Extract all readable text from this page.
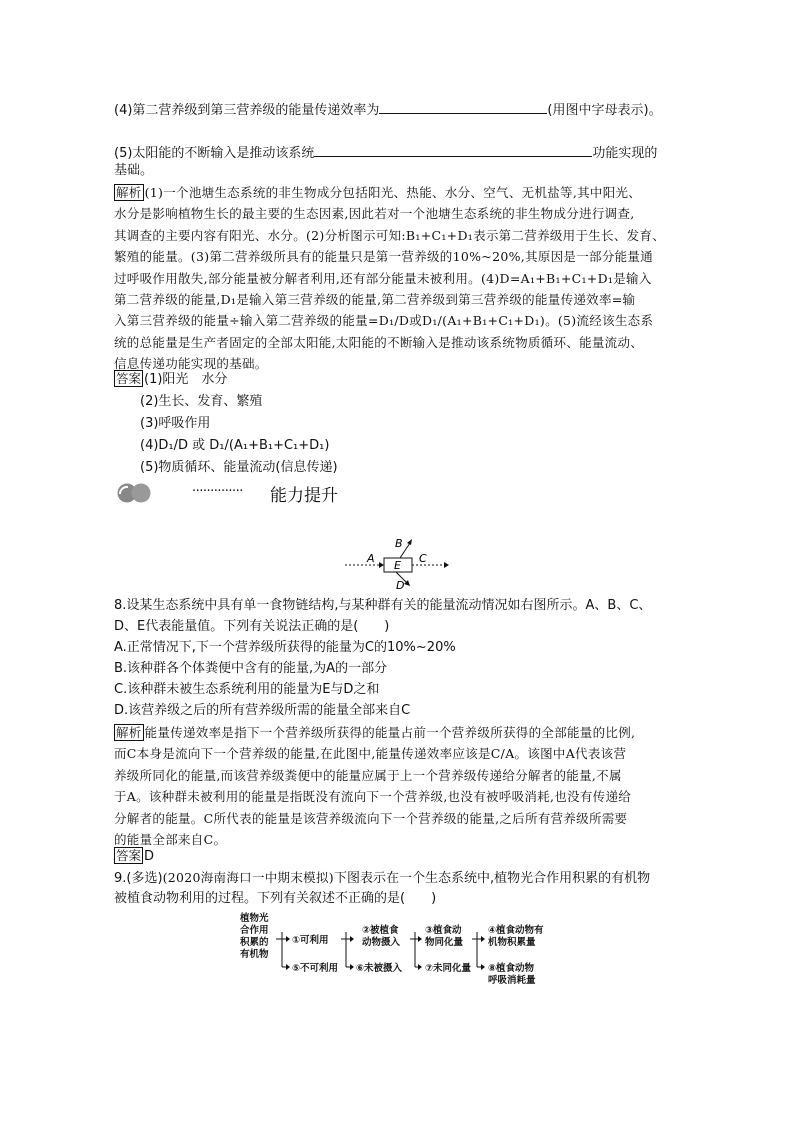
(4)第二营养级到第三营养级的能量传递效率为	(用图中字母表示)。
(5)太阳能的不断输入是推动该系统	功能实现的
基础。
解析 (1)一个池塘生态系统的非生物成分包括阳光、热能、水分、空气、无机盐等,其中阳光、
水分是影响植物生长的最主要的生态因素,因此若对一个池塘生态系统的非生物成分进行调查,
其调查的主要内容有阳光、水分。(2)分析图示可知:B₁+C₁+D₁表示第二营养级用于生长、发育、
繁殖的能量。(3)第二营养级所具有的能量只是第一营养级的10%~20%,其原因是一部分能量通
过呼吸作用散失,部分能量被分解者利用,还有部分能量未被利用。(4)D=A₁+B₁+C₁+D₁是输入
第二营养级的能量,D₁是输入第三营养级的能量,第二营养级到第三营养级的能量传递效率=输
入第三营养级的能量÷输入第二营养级的能量=D₁/D或D₁/(A₁+B₁+C₁+D₁)。(5)流经该生态系
统的总能量是生产者固定的全部太阳能,太阳能的不断输入是推动该系统物质循环、能量流动、
信息传递功能实现的基础。
答案 (1)阳光　水分
(2)生长、发育、繁殖
(3)呼吸作用
(4)D₁/D 或 D₁/(A₁+B₁+C₁+D₁)
(5)物质循环、能量流动(信息传递)
·············· 能力提升
A
E
C
B
D
8.设某生态系统中具有单一食物链结构,与某种群有关的能量流动情况如右图所示。A、B、C、
D、E代表能量值。下列有关说法正确的是(　　)
A.正常情况下,下一个营养级所获得的能量为C的10%~20%
B.该种群各个体粪便中含有的能量,为A的一部分
C.该种群未被生态系统利用的能量为E与D之和
D.该营养级之后的所有营养级所需的能量全部来自C
解析 能量传递效率是指下一个营养级所获得的能量占前一个营养级所获得的全部能量的比例,
而C本身是流向下一个营养级的能量,在此图中,能量传递效率应该是C/A。该图中A代表该营
养级所同化的能量,而该营养级粪便中的能量应属于上一个营养级传递给分解者的能量,不属
于A。该种群未被利用的能量是指既没有流向下一个营养级,也没有被呼吸消耗,也没有传递给
分解者的能量。C所代表的能量是该营养级流向下一个营养级的能量,之后所有营养级所需要
的能量全部来自C。
答案 D
9.(多选)(2020海南海口一中期末模拟)下图表示在一个生态系统中,植物光合作用积累的有机物
被植食动物利用的过程。下列有关叙述不正确的是(　　)
植物光
合作用
积累的
有机物
①可利用
⑤不可利用
②被植食
动物摄入
⑥未被摄入
③植食动
物同化量
⑦未同化量
④植食动物有
机物积累量
⑧植食动物
呼吸消耗量
